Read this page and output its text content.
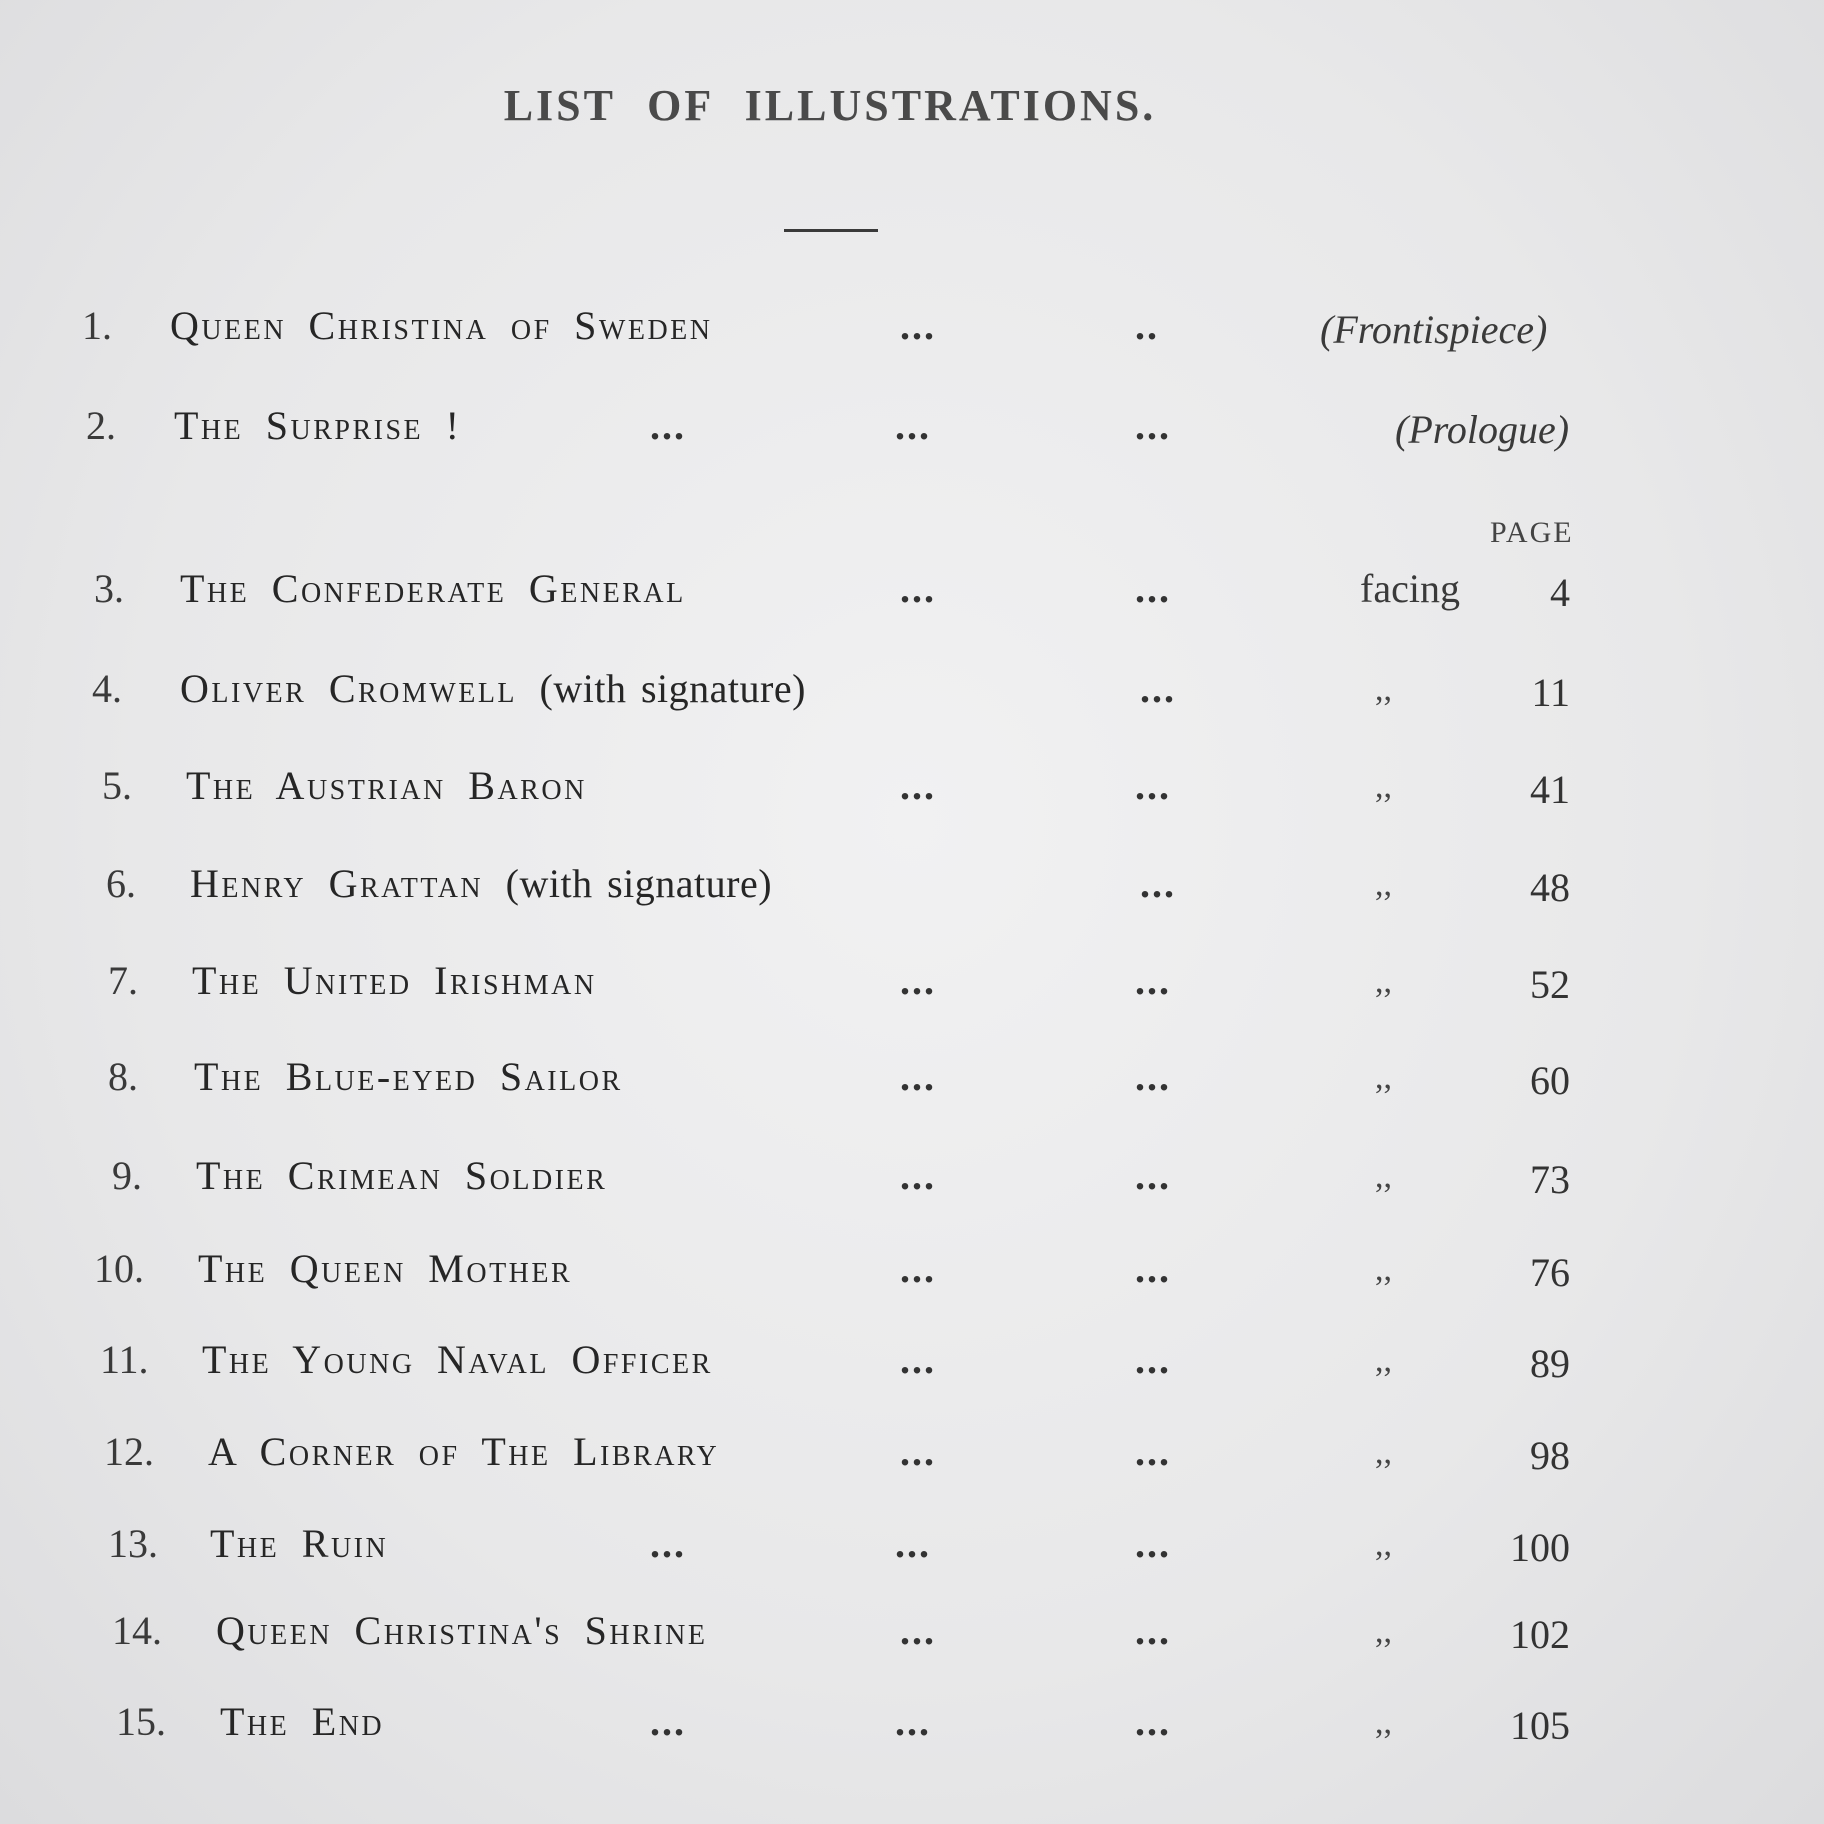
LIST OF ILLUSTRATIONS.
PAGE
1. Queen Christina of Sweden	...	..	(Frontispiece)
2. The Surprise !	...	...	...	(Prologue)
3. The Confederate General	...	...	facing	4
4. Oliver Cromwell (with signature)	...	,,	11
5. The Austrian Baron	...	...	,,	41
6. Henry Grattan (with signature)	...	,,	48
7. The United Irishman	...	...	,,	52
8. The Blue-eyed Sailor	...	...	,,	60
9. The Crimean Soldier	...	...	,,	73
10. The Queen Mother	...	...	,,	76
11. The Young Naval Officer	...	...	,,	89
12. A Corner of The Library	...	...	,,	98
13. The Ruin	...	...	...	,,	100
14. Queen Christina's Shrine	...	...	,,	102
15. The End	...	...	...	,,	105
